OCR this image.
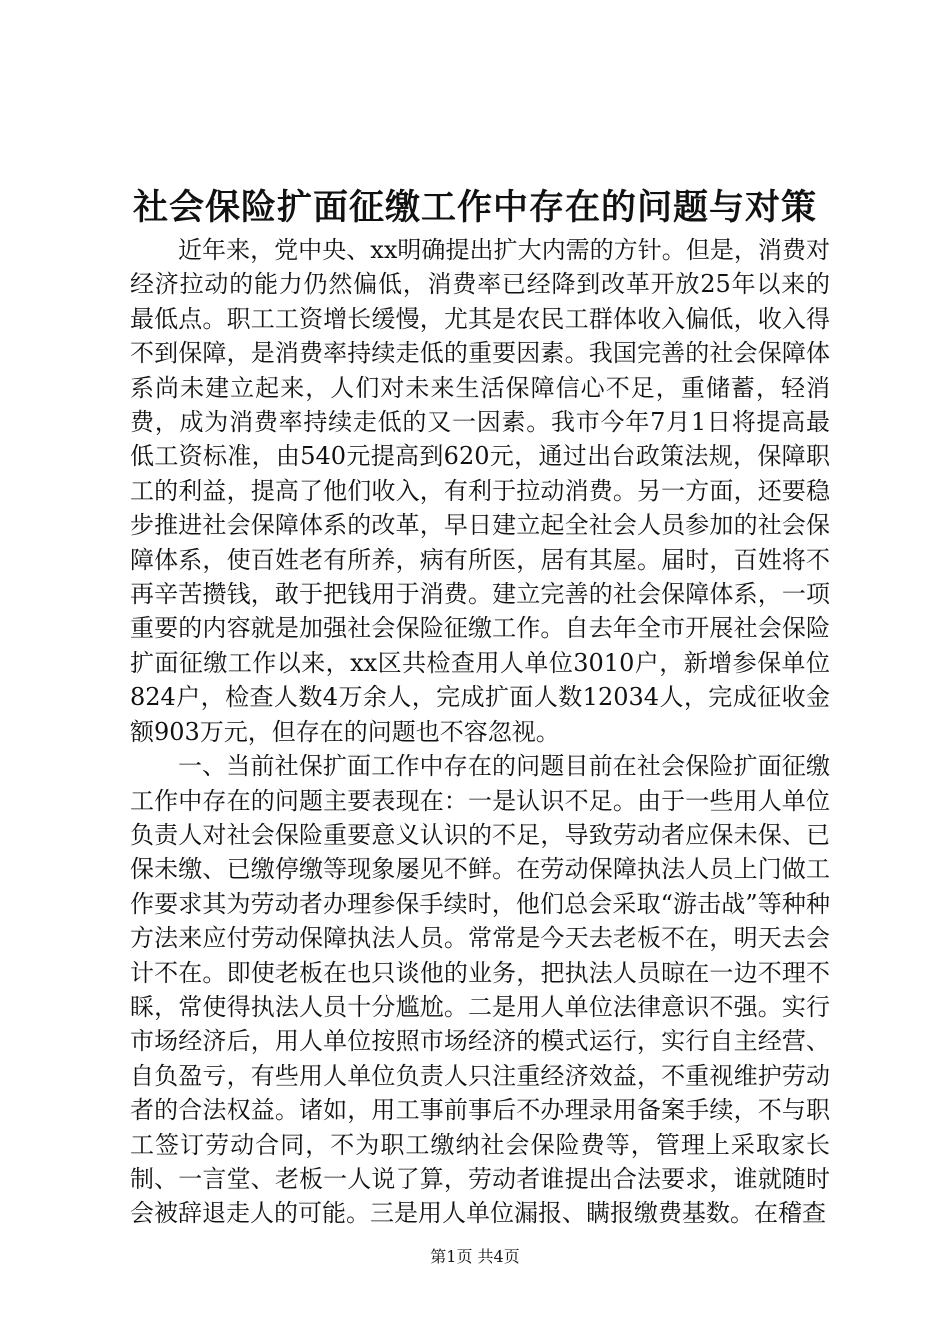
社会保险扩面征缴工作中存在的问题与对策

近年来，党中央、xx明确提出扩大内需的方针。但是，消费对经济拉动的能力仍然偏低，消费率已经降到改革开放25年以来的最低点。职工工资增长缓慢，尤其是农民工群体收入偏低，收入得不到保障，是消费率持续走低的重要因素。我国完善的社会保障体系尚未建立起来，人们对未来生活保障信心不足，重储蓄，轻消费，成为消费率持续走低的又一因素。我市今年7月1日将提高最低工资标准，由540元提高到620元，通过出台政策法规，保障职工的利益，提高了他们收入，有利于拉动消费。另一方面，还要稳步推进社会保障体系的改革，早日建立起全社会人员参加的社会保障体系，使百姓老有所养，病有所医，居有其屋。届时，百姓将不再辛苦攒钱，敢于把钱用于消费。建立完善的社会保障体系，一项重要的内容就是加强社会保险征缴工作。自去年全市开展社会保险扩面征缴工作以来，xx区共检查用人单位3010户，新增参保单位824户，检查人数4万余人，完成扩面人数12034人，完成征收金额903万元，但存在的问题也不容忽视。

一、当前社保扩面工作中存在的问题目前在社会保险扩面征缴工作中存在的问题主要表现在：一是认识不足。由于一些用人单位负责人对社会保险重要意义认识的不足，导致劳动者应保未保、已保未缴、已缴停缴等现象屡见不鲜。在劳动保障执法人员上门做工作要求其为劳动者办理参保手续时，他们总会采取“游击战”等种种方法来应付劳动保障执法人员。常常是今天去老板不在，明天去会计不在。即使老板在也只谈他的业务，把执法人员晾在一边不理不睬，常使得执法人员十分尴尬。二是用人单位法律意识不强。实行市场经济后，用人单位按照市场经济的模式运行，实行自主经营、自负盈亏，有些用人单位负责人只注重经济效益，不重视维护劳动者的合法权益。诸如，用工事前事后不办理录用备案手续，不与职工签订劳动合同，不为职工缴纳社会保险费等，管理上采取家长制、一言堂、老板一人说了算，劳动者谁提出合法要求，谁就随时会被辞退走人的可能。三是用人单位漏报、瞒报缴费基数。在稽查

第1页 共4页
